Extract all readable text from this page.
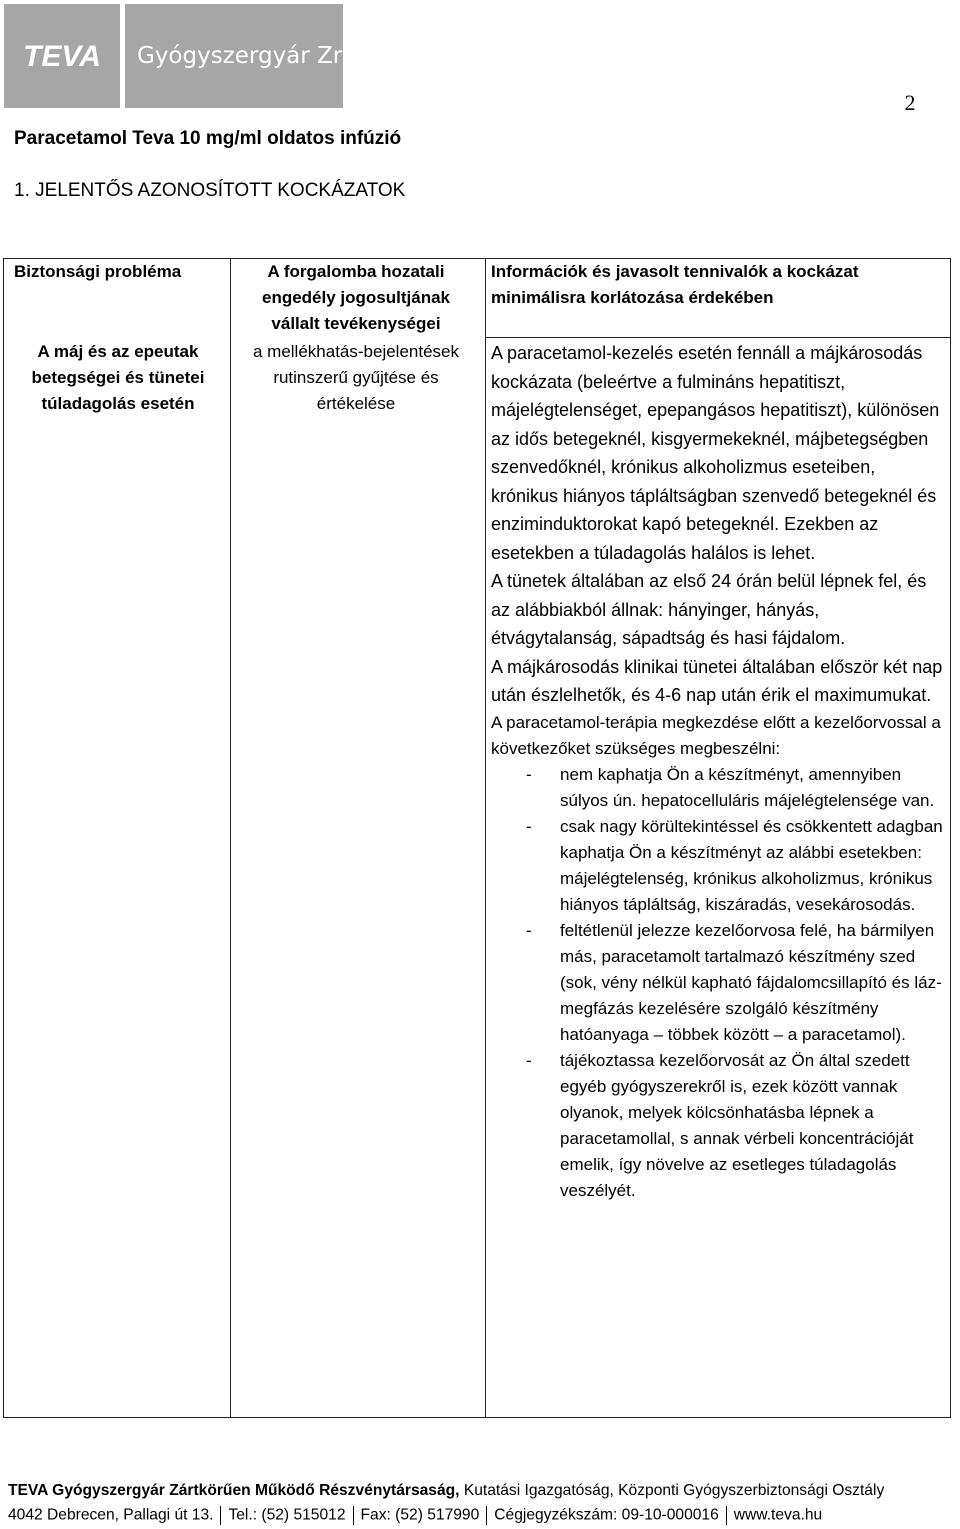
TEVA	Gyógyszergyár Zrt.
2
Paracetamol Teva 10 mg/ml oldatos infúzió
1. JELENTŐS AZONOSÍTOTT KOCKÁZATOK
Biztonsági probléma	A forgalomba hozatali engedély jogosultjának vállalt tevékenységei
Információk és javasolt tennivalók a kockázat minimálisra korlátozása érdekében
A máj és az epeutak betegségei és tünetei túladagolás esetén
a mellékhatás-bejelentések rutinszerű gyűjtése és értékelése

A paracetamol-kezelés esetén fennáll a májkárosodás kockázata (beleértve a fulmináns hepatitiszt, májelégtelenséget, epepangásos hepatitiszt), különösen az idős betegeknél, kisgyermekeknél, májbetegségben szenvedőknél, krónikus alkoholizmus eseteiben, krónikus hiányos tápláltságban szenvedő betegeknél és enziminduktorokat kapó betegeknél. Ezekben az esetekben a túladagolás halálos is lehet.

A tünetek általában az első 24 órán belül lépnek fel, és az alábbiakból állnak: hányinger, hányás, étvágytalanság, sápadtság és hasi fájdalom.

A májkárosodás klinikai tünetei általában először két nap után észlelhetők, és 4-6 nap után érik el maximumukat.

A paracetamol-terápia megkezdése előtt a kezelőorvossal a következőket szükséges megbeszélni:

- nem kaphatja Ön a készítményt, amennyiben súlyos ún. hepatocelluláris májelégtelensége van.
- csak nagy körültekintéssel és csökkentett adagban kaphatja Ön a készítményt az alábbi esetekben: májelégtelenség, krónikus alkoholizmus, krónikus hiányos tápláltság, kiszáradás, vesekárosodás.
- feltétlenül jelezze kezelőorvosa felé, ha bármilyen más, paracetamolt tartalmazó készítmény szed (sok, vény nélkül kapható fájdalomcsillapító és láz-megfázás kezelésére szolgáló készítmény hatóanyaga – többek között – a paracetamol).
- tájékoztassa kezelőorvosát az Ön által szedett egyéb gyógyszerekről is, ezek között vannak olyanok, melyek kölcsönhatásba lépnek a paracetamollal, s annak vérbeli koncentrációját emelik, így növelve az esetleges túladagolás veszélyét.
TEVA Gyógyszergyár Zártkörűen Működő Részvénytársaság, Kutatási Igazgatóság, Központi Gyógyszerbiztonsági Osztály
4042 Debrecen, Pallagi út 13. Tel.: (52) 515012 Fax: (52) 517990 Cégjegyzékszám: 09-10-000016 www.teva.hu
